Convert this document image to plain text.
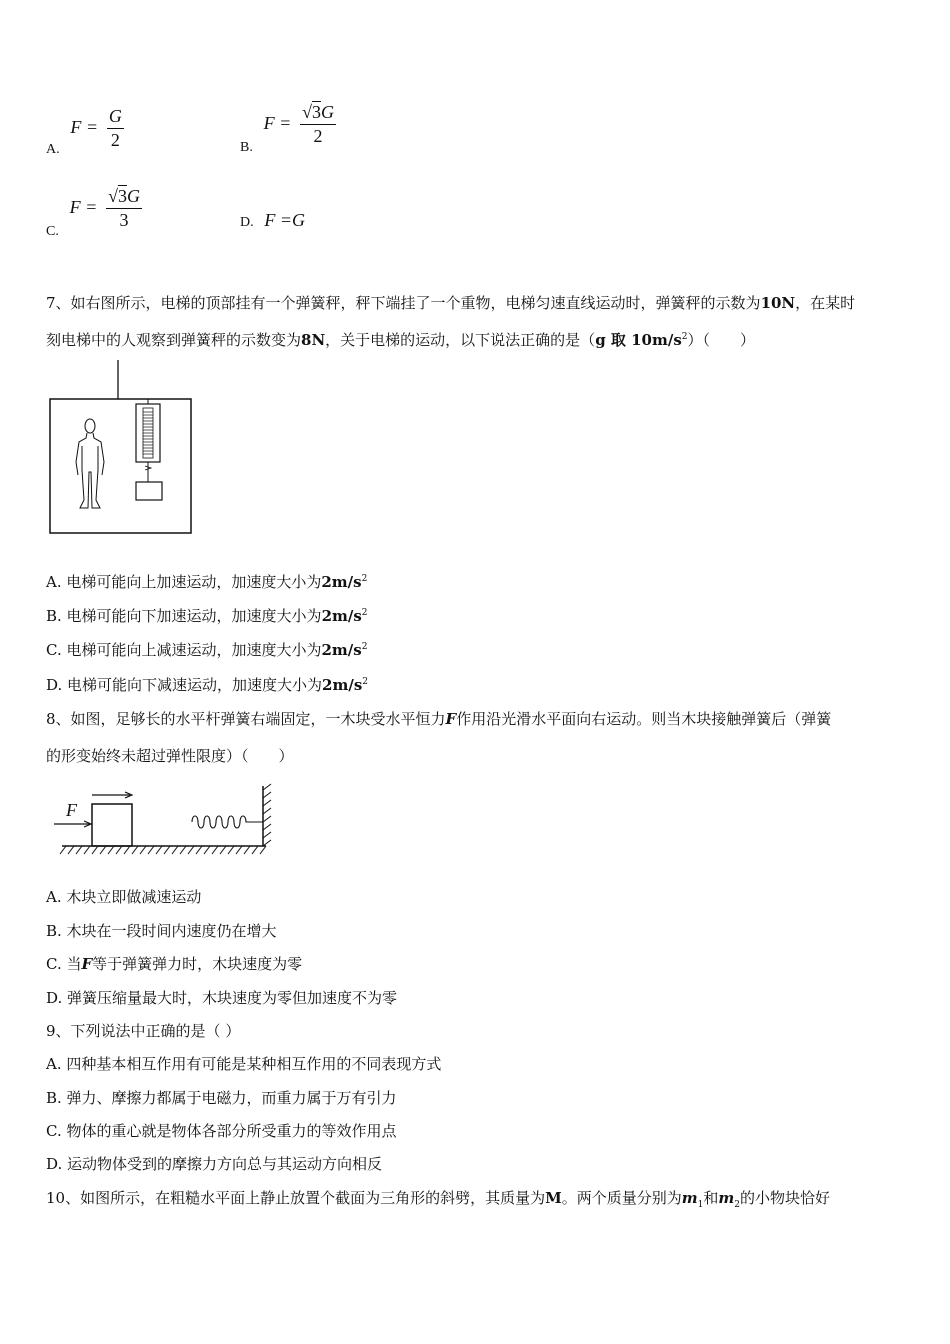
A. $F = \frac{G}{2}$	B. $F = \frac{√3G}{2}$
C. $F = \frac{√3G}{3}$	D. F =G
7、如右图所示，电梯的顶部挂有一个弹簧秤，秤下端挂了一个重物，电梯匀速直线运动时，弹簧秤的示数为10N，在某时
刻电梯中的人观察到弹簧秤的示数变为8N，关于电梯的运动，以下说法正确的是（g 取 $10m/s^2$）（　　）
A. 电梯可能向上加速运动，加速度大小为$2m/s^2$
B. 电梯可能向下加速运动，加速度大小为$2m/s^2$
C. 电梯可能向上减速运动，加速度大小为$2m/s^2$
D. 电梯可能向下减速运动，加速度大小为$2m/s^2$
8、如图，足够长的水平杆弹簧右端固定，一木块受水平恒力F作用沿光滑水平面向右运动。则当木块接触弹簧后（弹簧
的形变始终未超过弹性限度）（　　）
F
A. 木块立即做减速运动
B. 木块在一段时间内速度仍在增大
C. 当F等于弹簧弹力时，木块速度为零
D. 弹簧压缩量最大时，木块速度为零但加速度不为零
9、下列说法中正确的是（ ）
A. 四种基本相互作用有可能是某种相互作用的不同表现方式
B. 弹力、摩擦力都属于电磁力，而重力属于万有引力
C. 物体的重心就是物体各部分所受重力的等效作用点
D. 运动物体受到的摩擦力方向总与其运动方向相反
10、如图所示，在粗糙水平面上静止放置个截面为三角形的斜劈，其质量为M。两个质量分别为$m_1$和$m_2$的小物块恰好
